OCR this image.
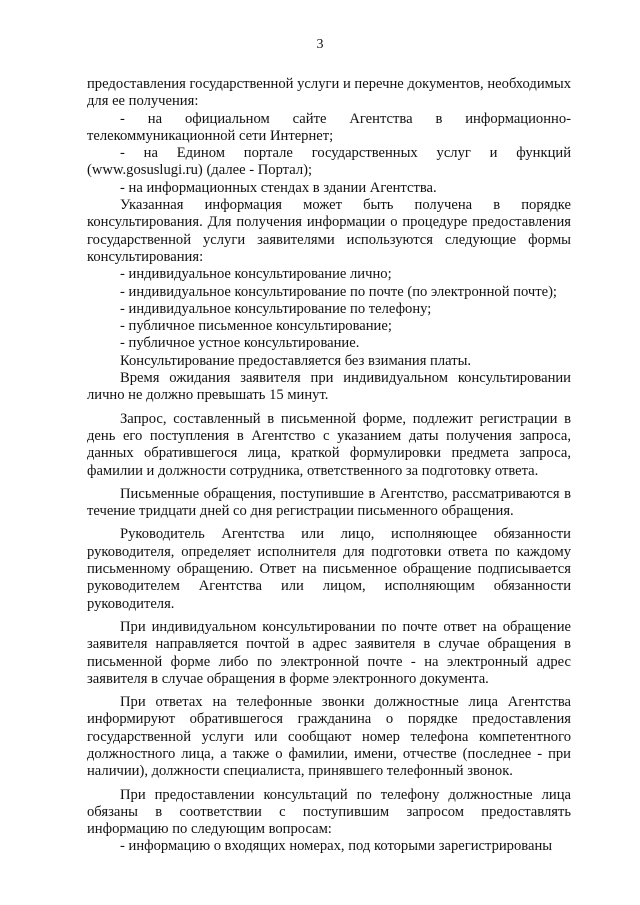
3

предоставления государственной услуги и перечне документов, необходимых для ее получения:

- на официальном сайте Агентства в информационно-телекоммуникационной сети Интернет;

- на Едином портале государственных услуг и функций (www.gosuslugi.ru) (далее - Портал);

- на информационных стендах в здании Агентства.

Указанная информация может быть получена в порядке консультирования. Для получения информации о процедуре предоставления государственной услуги заявителями используются следующие формы консультирования:

- индивидуальное консультирование лично;

- индивидуальное консультирование по почте (по электронной почте);

- индивидуальное консультирование по телефону;

- публичное письменное консультирование;

- публичное устное консультирование.

Консультирование предоставляется без взимания платы.

Время ожидания заявителя при индивидуальном консультировании лично не должно превышать 15 минут.

Запрос, составленный в письменной форме, подлежит регистрации в день его поступления в Агентство с указанием даты получения запроса, данных обратившегося лица, краткой формулировки предмета запроса, фамилии и должности сотрудника, ответственного за подготовку ответа.

Письменные обращения, поступившие в Агентство, рассматриваются в течение тридцати дней со дня регистрации письменного обращения.

Руководитель Агентства или лицо, исполняющее обязанности руководителя, определяет исполнителя для подготовки ответа по каждому письменному обращению. Ответ на письменное обращение подписывается руководителем Агентства или лицом, исполняющим обязанности руководителя.

При индивидуальном консультировании по почте ответ на обращение заявителя направляется почтой в адрес заявителя в случае обращения в письменной форме либо по электронной почте - на электронный адрес заявителя в случае обращения в форме электронного документа.

При ответах на телефонные звонки должностные лица Агентства информируют обратившегося гражданина о порядке предоставления государственной услуги или сообщают номер телефона компетентного должностного лица, а также о фамилии, имени, отчестве (последнее - при наличии), должности специалиста, принявшего телефонный звонок.

При предоставлении консультаций по телефону должностные лица обязаны в соответствии с поступившим запросом предоставлять информацию по следующим вопросам:

- информацию о входящих номерах, под которыми зарегистрированы
